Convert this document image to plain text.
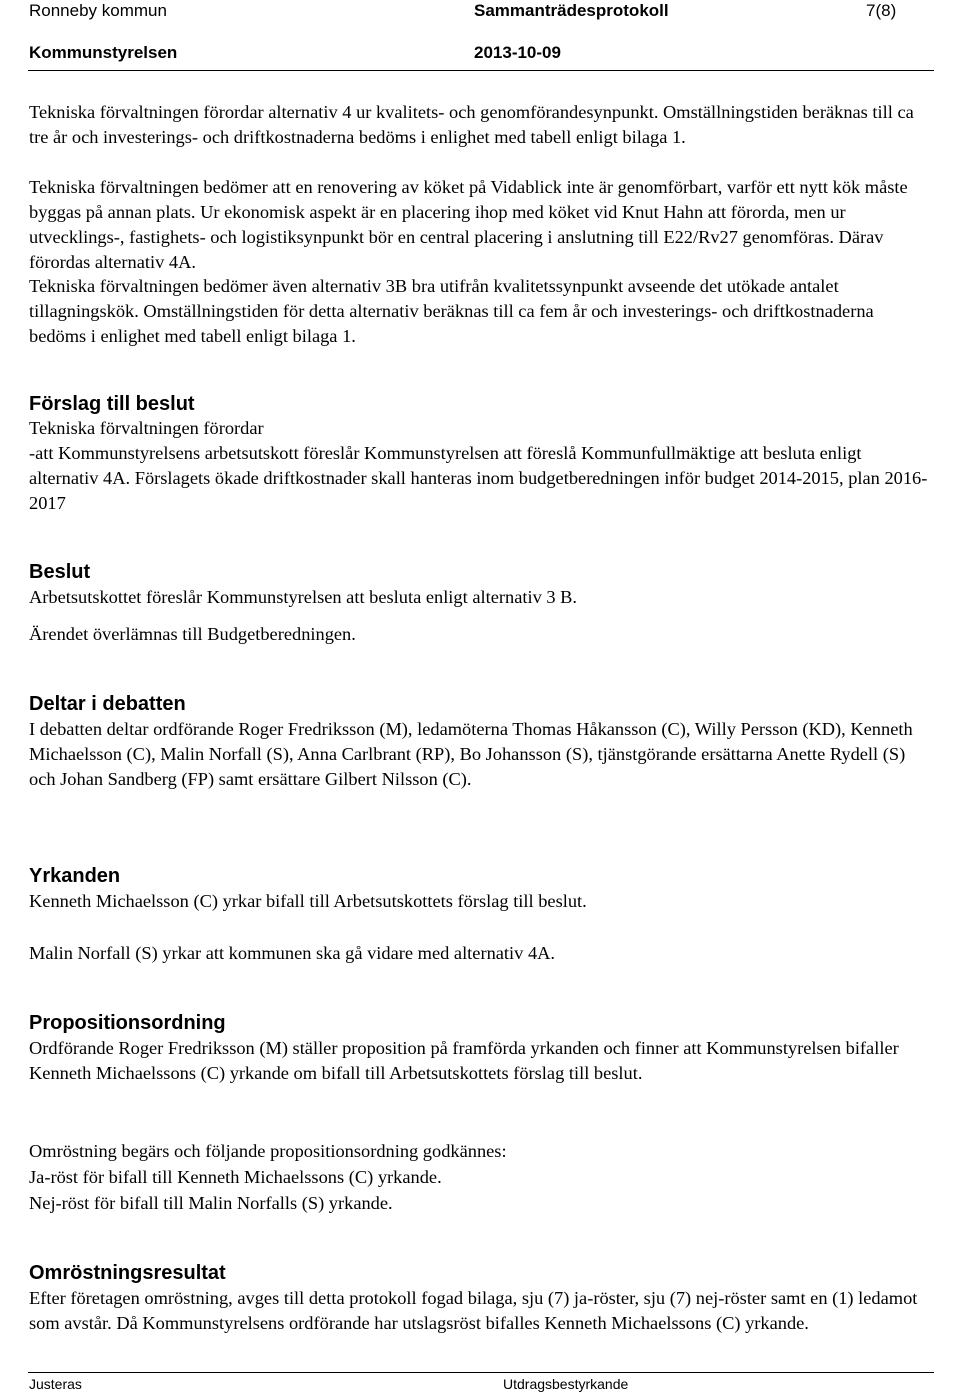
Ronneby kommun	Sammanträdesprotokoll	7(8)
Kommunstyrelsen	2013-10-09

Tekniska förvaltningen förordar alternativ 4 ur kvalitets- och genomförandesynpunkt. Omställningstiden beräknas till ca tre år och investerings- och driftkostnaderna bedöms i enlighet med tabell enligt bilaga 1.

Tekniska förvaltningen bedömer att en renovering av köket på Vidablick inte är genomförbart, varför ett nytt kök måste byggas på annan plats. Ur ekonomisk aspekt är en placering ihop med köket vid Knut Hahn att förorda, men ur utvecklings-, fastighets- och logistiksynpunkt bör en central placering i anslutning till E22/Rv27 genomföras. Därav förordas alternativ 4A.

Tekniska förvaltningen bedömer även alternativ 3B bra utifrån kvalitetssynpunkt avseende det utökade antalet tillagningskök. Omställningstiden för detta alternativ beräknas till ca fem år och investerings- och driftkostnaderna bedöms i enlighet med tabell enligt bilaga 1.

Förslag till beslut

Tekniska förvaltningen förordar

-att Kommunstyrelsens arbetsutskott föreslår Kommunstyrelsen att föreslå Kommunfullmäktige att besluta enligt alternativ 4A. Förslagets ökade driftkostnader skall hanteras inom budgetberedningen inför budget 2014-2015, plan 2016-2017

Beslut

Arbetsutskottet föreslår Kommunstyrelsen att besluta enligt alternativ 3 B.

Ärendet överlämnas till Budgetberedningen.

Deltar i debatten

I debatten deltar ordförande Roger Fredriksson (M), ledamöterna Thomas Håkansson (C), Willy Persson (KD), Kenneth Michaelsson (C), Malin Norfall (S), Anna Carlbrant (RP), Bo Johansson (S), tjänstgörande ersättarna Anette Rydell (S) och Johan Sandberg (FP) samt ersättare Gilbert Nilsson (C).

Yrkanden

Kenneth Michaelsson (C) yrkar bifall till Arbetsutskottets förslag till beslut.

Malin Norfall (S) yrkar att kommunen ska gå vidare med alternativ 4A.

Propositionsordning

Ordförande Roger Fredriksson (M) ställer proposition på framförda yrkanden och finner att Kommunstyrelsen bifaller Kenneth Michaelssons (C) yrkande om bifall till Arbetsutskottets förslag till beslut.

Omröstning begärs och följande propositionsordning godkännes:

Ja-röst för bifall till Kenneth Michaelssons (C) yrkande.

Nej-röst för bifall till Malin Norfalls (S) yrkande.

Omröstningsresultat

Efter företagen omröstning, avges till detta protokoll fogad bilaga, sju (7) ja-röster, sju (7) nej-röster samt en (1) ledamot som avstår. Då Kommunstyrelsens ordförande har utslagsröst bifalles Kenneth Michaelssons (C) yrkande.

Justeras	Utdragsbestyrkande
